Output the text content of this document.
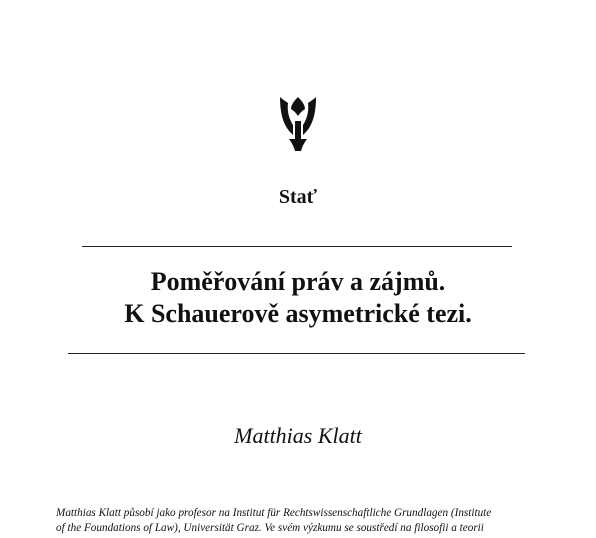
Stať
Poměřování práv a zájmů.
K Schauerově asymetrické tezi.
Matthias Klatt
Matthias Klatt působí jako profesor na Institut für Rechtswissenschaftliche Grundlagen (Institute
of the Foundations of Law), Universität Graz. Ve svém výzkumu se soustředí na filosofii a teorii
